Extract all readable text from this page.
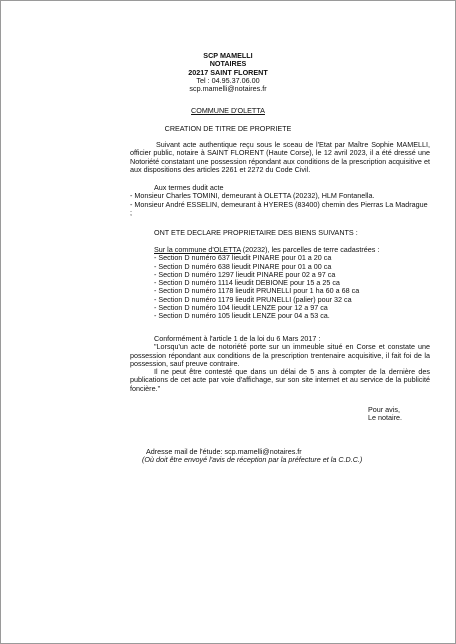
SCP MAMELLI
NOTAIRES
20217 SAINT FLORENT
Tel : 04.95.37.06.00
scp.mamelli@notaires.fr
COMMUNE D'OLETTA
CREATION DE TITRE DE PROPRIETE
Suivant acte authentique reçu sous le sceau de l'Etat par Maître Sophie MAMELLI, officier public, notaire à SAINT FLORENT (Haute Corse), le 12 avril 2023, il a été dressé une Notoriété constatant une possession répondant aux conditions de la prescription acquisitive et aux dispositions des articles 2261 et 2272 du Code Civil.
Aux termes dudit acte
- Monsieur Charles TOMINI, demeurant à OLETTA (20232), HLM Fontanella.
- Monsieur André ESSELIN, demeurant à HYERES (83400) chemin des Pierras La Madrague ;
ONT ETE DECLARE PROPRIETAIRE DES BIENS SUIVANTS :
Sur la commune d'OLETTA (20232), les parcelles de terre cadastrées :
- Section D numéro 637 lieudit PINARE pour 01 a 20 ca
- Section D numéro 638 lieudit PINARE pour 01 a 00 ca
- Section D numéro 1297 lieudit PINARE pour 02 a 97 ca
- Section D numéro 1114 lieudit DEBIONE pour 15 a 25 ca
- Section D numéro 1178 lieudit PRUNELLI pour 1 ha 60 a 68 ca
- Section D numéro 1179 lieudit PRUNELLI (palier) pour 32 ca
- Section D numéro 104 lieudit LENZE pour 12 a 97 ca
- Section D numéro 105 lieudit LENZE pour 04 a 53 ca.
Conformément à l'article 1 de la loi du 6 Mars 2017 :
"Lorsqu'un acte de notoriété porte sur un immeuble situé en Corse et constate une possession répondant aux conditions de la prescription trentenaire acquisitive, il fait foi de la possession, sauf preuve contraire.
Il ne peut être contesté que dans un délai de 5 ans à compter de la dernière des publications de cet acte par voie d'affichage, sur son site internet et au service de la publicité foncière."
Pour avis,
Le notaire.
Adresse mail de l'étude: scp.mamelli@notaires.fr
(Où doit être envoyé l'avis de réception par la préfecture et la C.D.C.)
